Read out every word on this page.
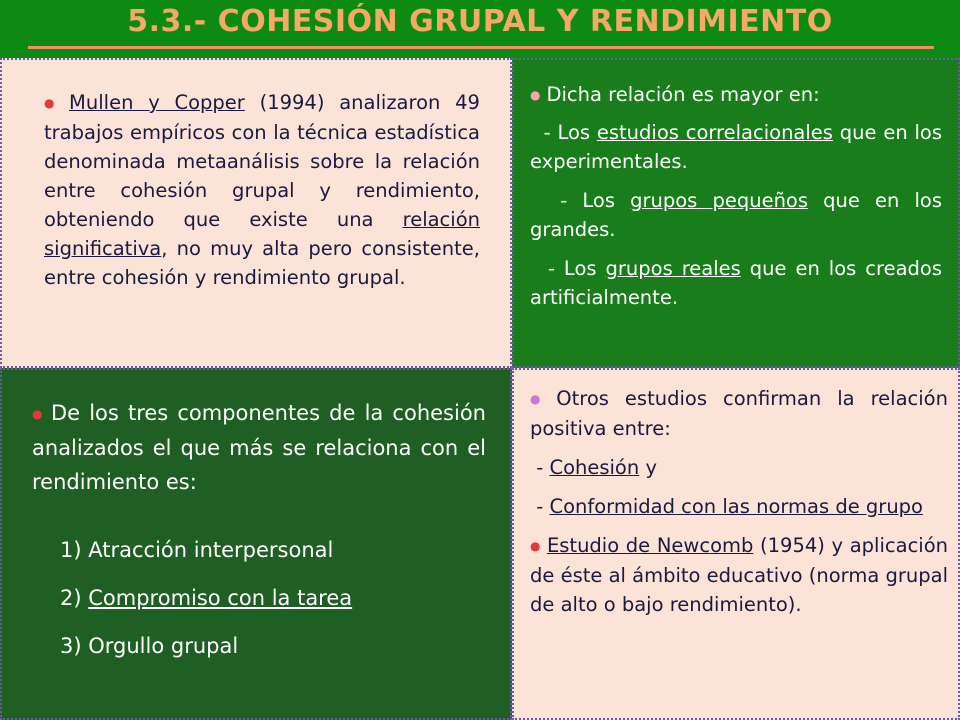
5.3.- COHESIÓN GRUPAL Y RENDIMIENTO

● Mullen y Copper (1994) analizaron 49 trabajos empíricos con la técnica estadística denominada metaanálisis sobre la relación entre cohesión grupal y rendimiento, obteniendo que existe una relación significativa, no muy alta pero consistente, entre cohesión y rendimiento grupal.

● Dicha relación es mayor en:

- Los estudios correlacionales que en los experimentales.

- Los grupos pequeños que en los grandes.

- Los grupos reales que en los creados artificialmente.

● De los tres componentes de la cohesión analizados el que más se relaciona con el rendimiento es:

1) Atracción interpersonal

2) Compromiso con la tarea

3) Orgullo grupal

● Otros estudios confirman la relación positiva entre:

- Cohesión y

- Conformidad con las normas de grupo

● Estudio de Newcomb (1954) y aplicación de éste al ámbito educativo (norma grupal de alto o bajo rendimiento).
